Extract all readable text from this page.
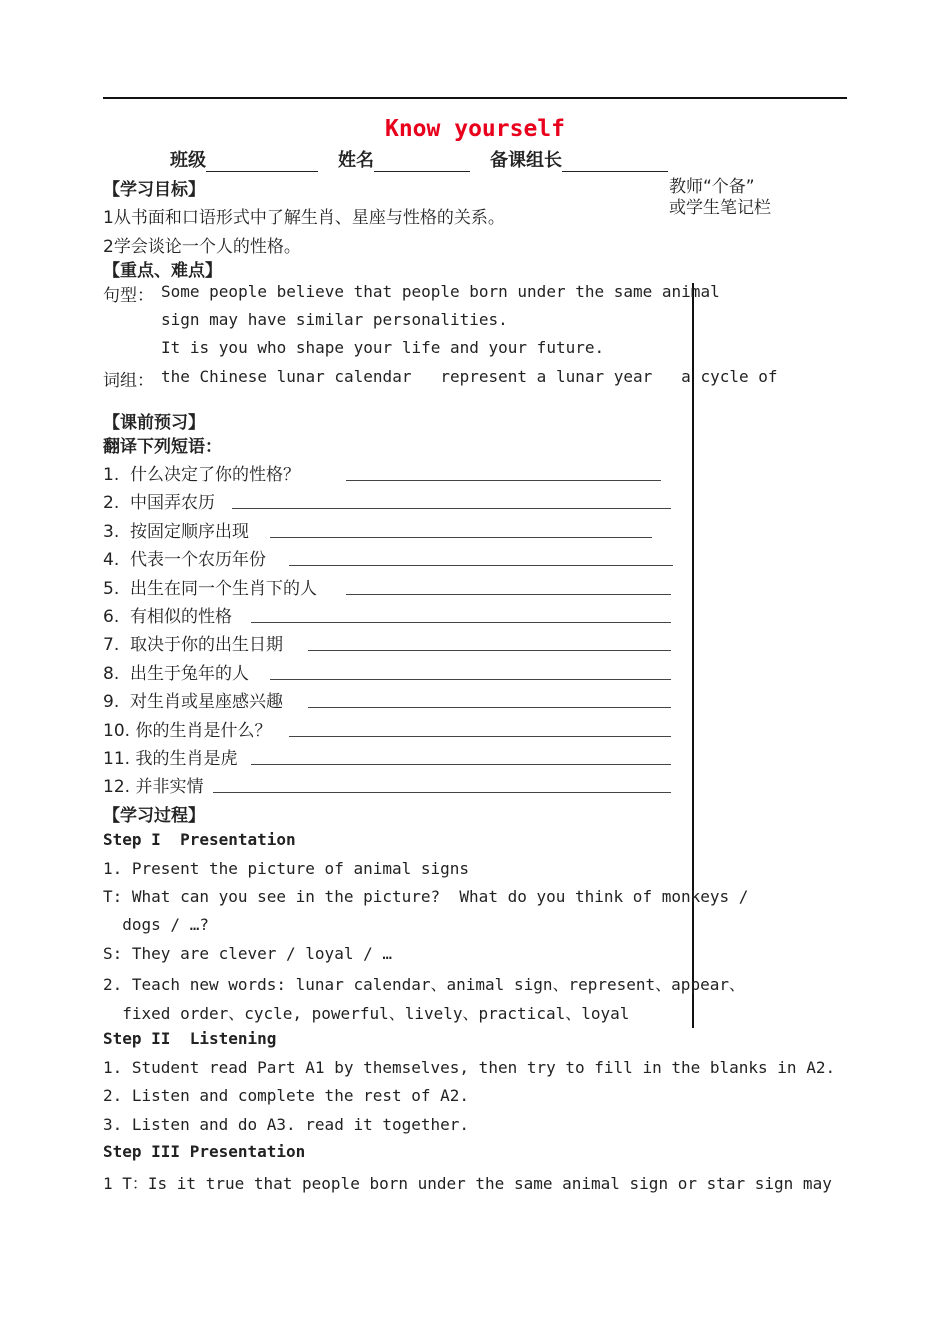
Know yourself
班级	姓名	备课组长
教师“个备”
或学生笔记栏
【学习目标】
1从书面和口语形式中了解生肖、星座与性格的关系。
2学会谈论一个人的性格。
【重点、难点】
句型： Some people believe that people born under the same animal
sign may have similar personalities.
It is you who shape your life and your future.
词组： the Chinese lunar calendar   represent a lunar year   a cycle of
【课前预习】
翻译下列短语：
1.  什么决定了你的性格？
2.  中国弄农历
3.  按固定顺序出现
4.  代表一个农历年份
5.  出生在同一个生肖下的人
6.  有相似的性格
7.  取决于你的出生日期
8.  出生于兔年的人
9.  对生肖或星座感兴趣
10. 你的生肖是什么？
11. 我的生肖是虎
12. 并非实情
【学习过程】
Step I  Presentation
1. Present the picture of animal signs
T: What can you see in the picture?  What do you think of monkeys /
dogs / …?
S: They are clever / loyal / …
2. Teach new words: lunar calendar、animal sign、represent、appear、
fixed order、cycle, powerful、lively、practical、loyal
Step II  Listening
1. Student read Part A1 by themselves, then try to fill in the blanks in A2.
2. Listen and complete the rest of A2.
3. Listen and do A3. read it together.
Step III Presentation
1 T：Is it true that people born under the same animal sign or star sign may
